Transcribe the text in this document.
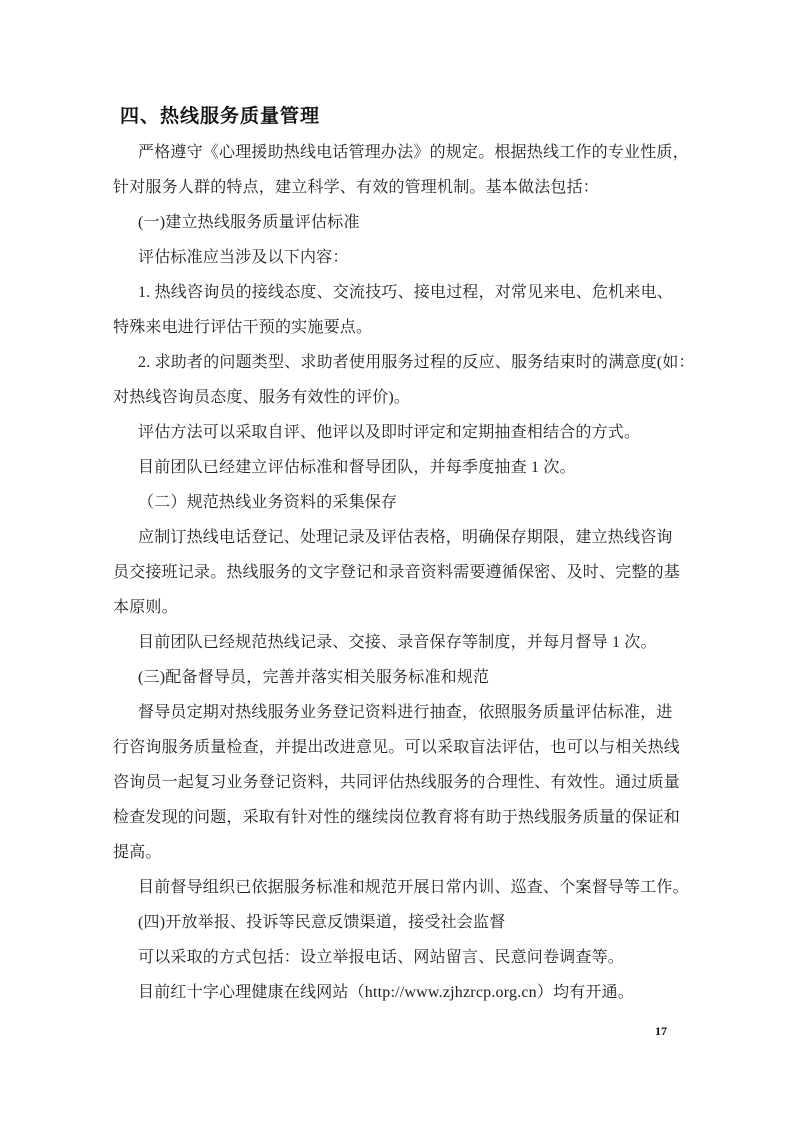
四、热线服务质量管理
严格遵守《心理援助热线电话管理办法》的规定。根据热线工作的专业性质，
针对服务人群的特点，建立科学、有效的管理机制。基本做法包括：
(一)建立热线服务质量评估标准
评估标准应当涉及以下内容：
1. 热线咨询员的接线态度、交流技巧、接电过程，对常见来电、危机来电、
特殊来电进行评估干预的实施要点。
2. 求助者的问题类型、求助者使用服务过程的反应、服务结束时的满意度(如：
对热线咨询员态度、服务有效性的评价)。
评估方法可以采取自评、他评以及即时评定和定期抽查相结合的方式。
目前团队已经建立评估标准和督导团队，并每季度抽查 1 次。
（二）规范热线业务资料的采集保存
应制订热线电话登记、处理记录及评估表格，明确保存期限，建立热线咨询
员交接班记录。热线服务的文字登记和录音资料需要遵循保密、及时、完整的基
本原则。
目前团队已经规范热线记录、交接、录音保存等制度，并每月督导 1 次。
(三)配备督导员，完善并落实相关服务标准和规范
督导员定期对热线服务业务登记资料进行抽查，依照服务质量评估标准，进
行咨询服务质量检查，并提出改进意见。可以采取盲法评估，也可以与相关热线
咨询员一起复习业务登记资料，共同评估热线服务的合理性、有效性。通过质量
检查发现的问题，采取有针对性的继续岗位教育将有助于热线服务质量的保证和
提高。
目前督导组织已依据服务标准和规范开展日常内训、巡查、个案督导等工作。
(四)开放举报、投诉等民意反馈渠道，接受社会监督
可以采取的方式包括：设立举报电话、网站留言、民意问卷调查等。
目前红十字心理健康在线网站（http://www.zjhzrcp.org.cn）均有开通。
17
